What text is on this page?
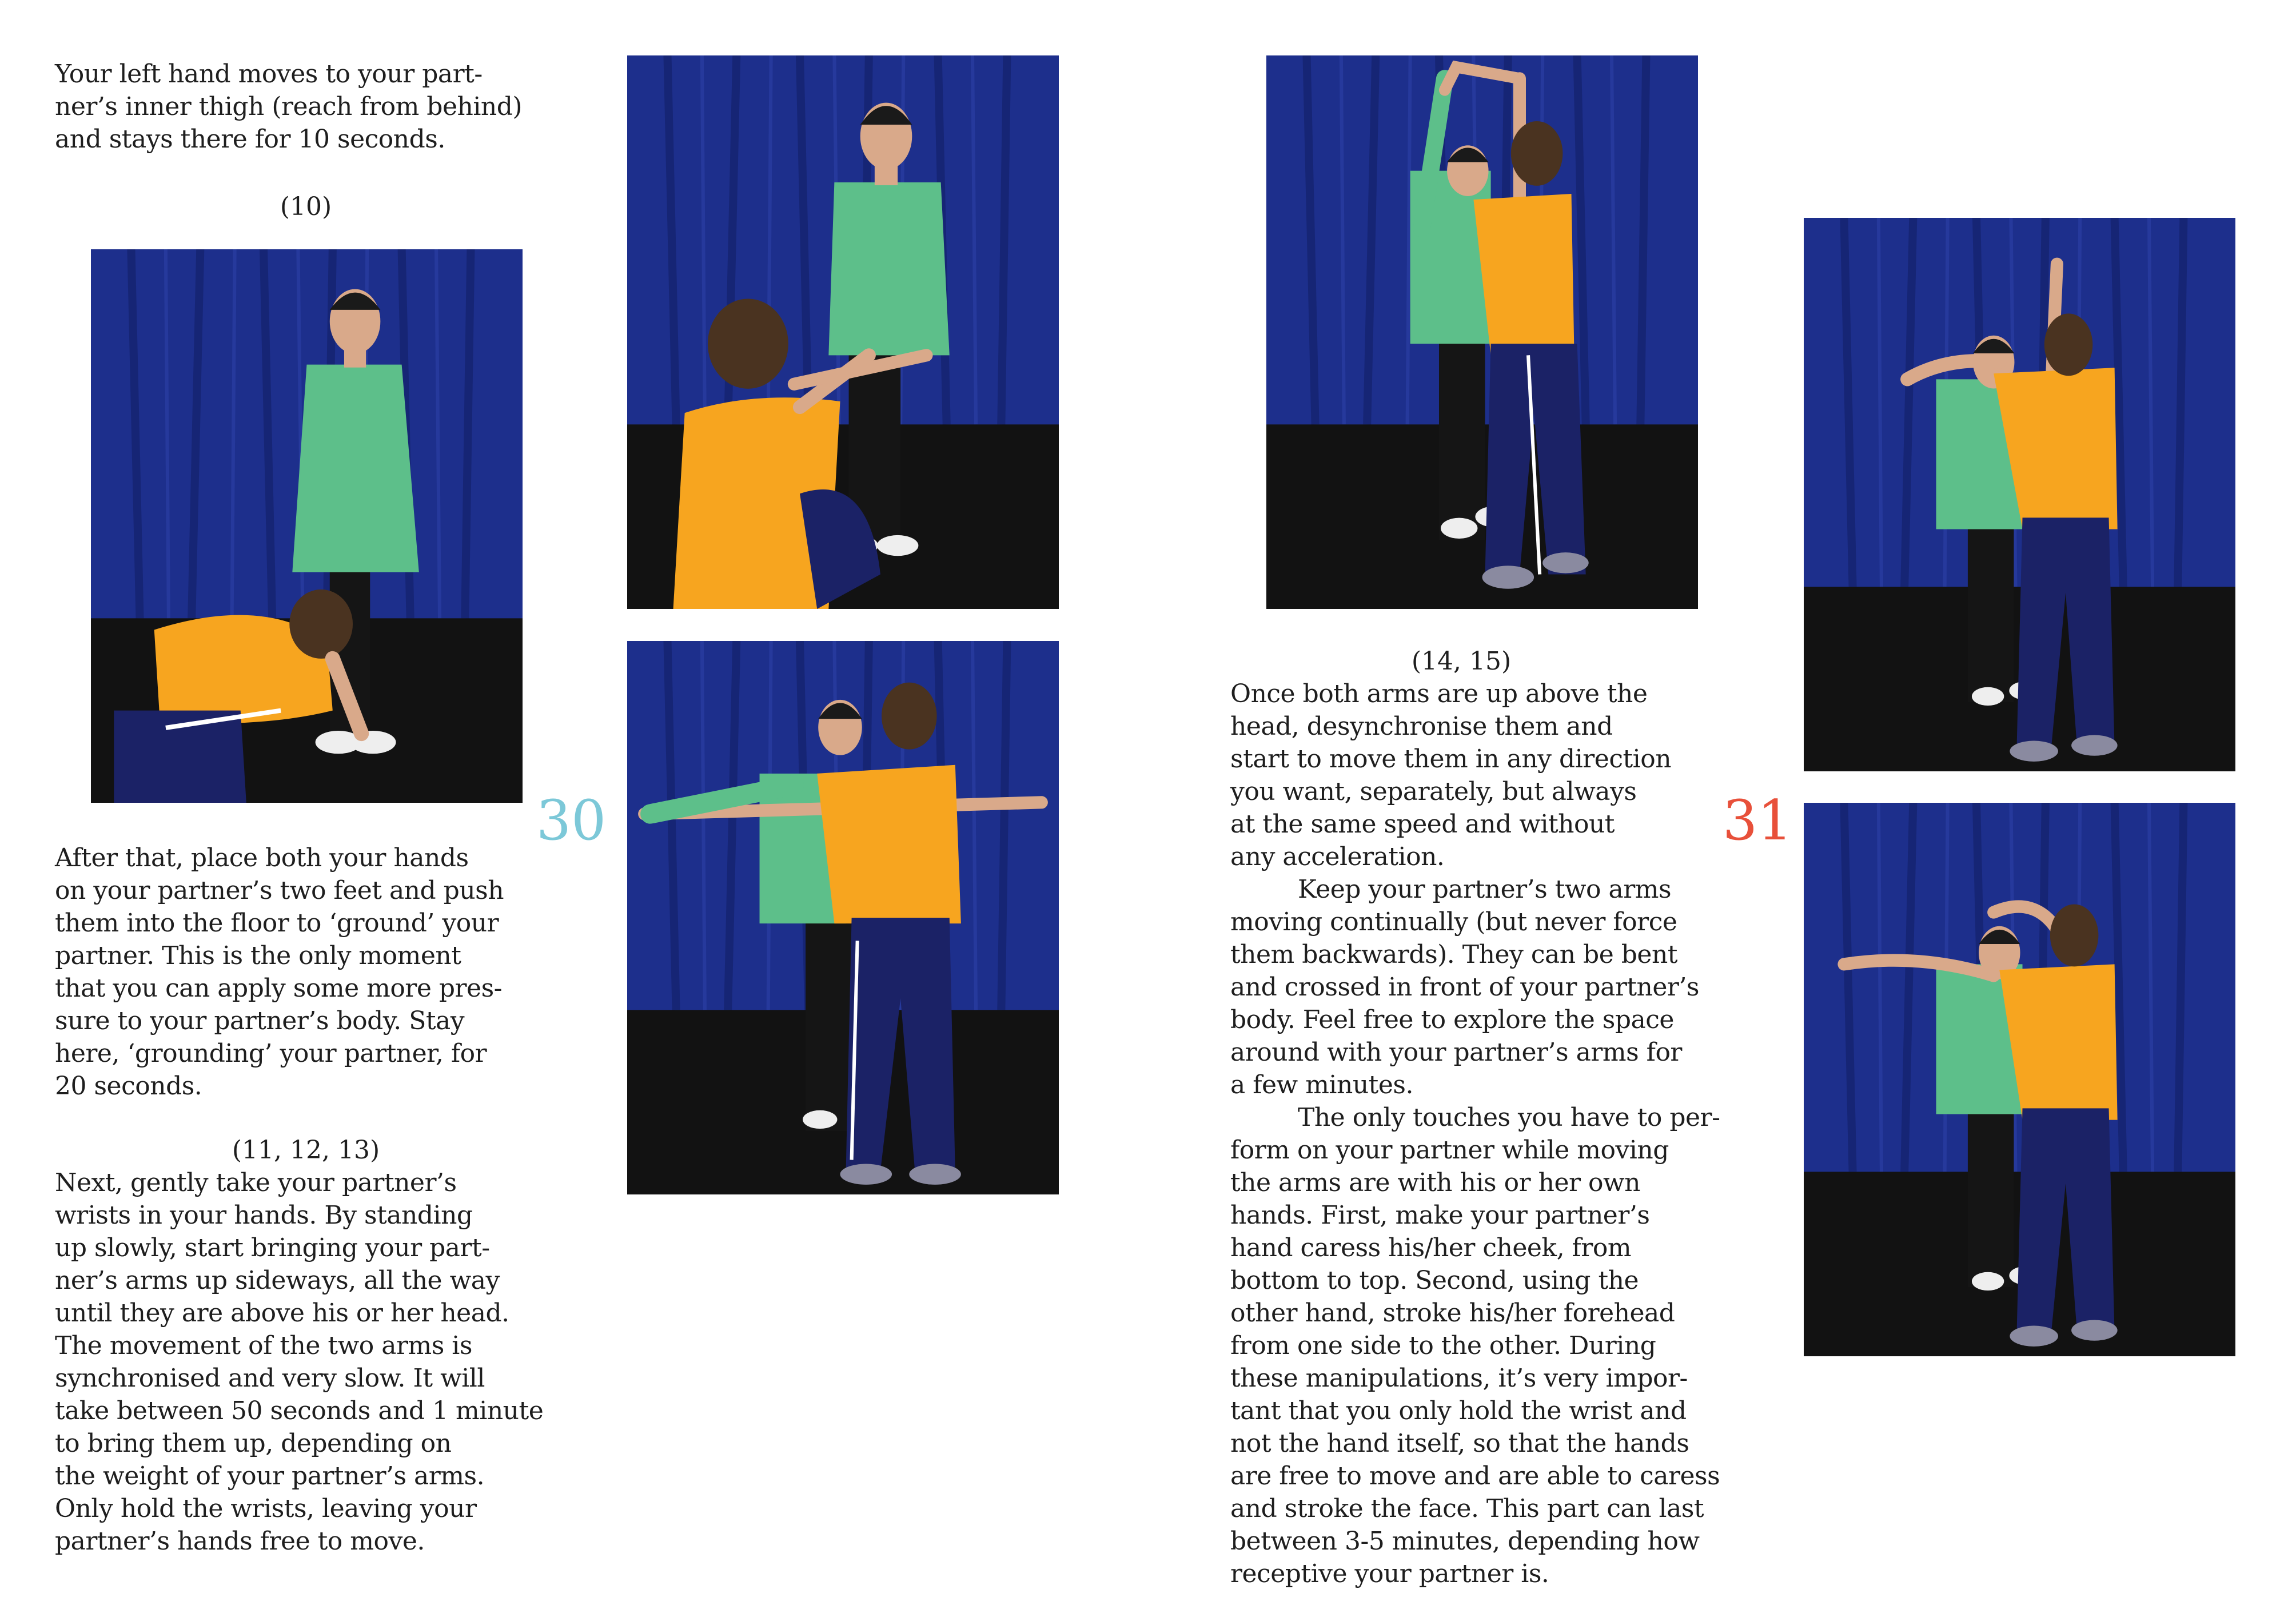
Your left hand moves to your part-

ner’s inner thigh (reach from behind)

and stays there for 10 seconds.

(10)
30

After that, place both your hands

on your partner’s two feet and push

them into the floor to ‘ground’ your

partner. This is the only moment

that you can apply some more pres-

sure to your partner’s body. Stay

here, ‘grounding’ your partner, for

20 seconds.

(11, 12, 13)

Next, gently take your partner’s

wrists in your hands. By standing

up slowly, start bringing your part-

ner’s arms up sideways, all the way

until they are above his or her head.

The movement of the two arms is

synchronised and very slow. It will

take between 50 seconds and 1 minute

to bring them up, depending on

the weight of your partner’s arms.

Only hold the wrists, leaving your

partner’s hands free to move.

(14, 15)

Once both arms are up above the

head, desynchronise them and

start to move them in any direction

you want, separately, but always

at the same speed and without

any acceleration.

Keep your partner’s two arms

moving continually (but never force

them backwards). They can be bent

and crossed in front of your partner’s

body. Feel free to explore the space

around with your partner’s arms for

a few minutes.

The only touches you have to per-

form on your partner while moving

the arms are with his or her own

hands. First, make your partner’s

hand caress his/her cheek, from

bottom to top. Second, using the

other hand, stroke his/her forehead

from one side to the other. During

these manipulations, it’s very impor-

tant that you only hold the wrist and

not the hand itself, so that the hands

are free to move and are able to caress

and stroke the face. This part can last

between 3-5 minutes, depending how

receptive your partner is.

31
